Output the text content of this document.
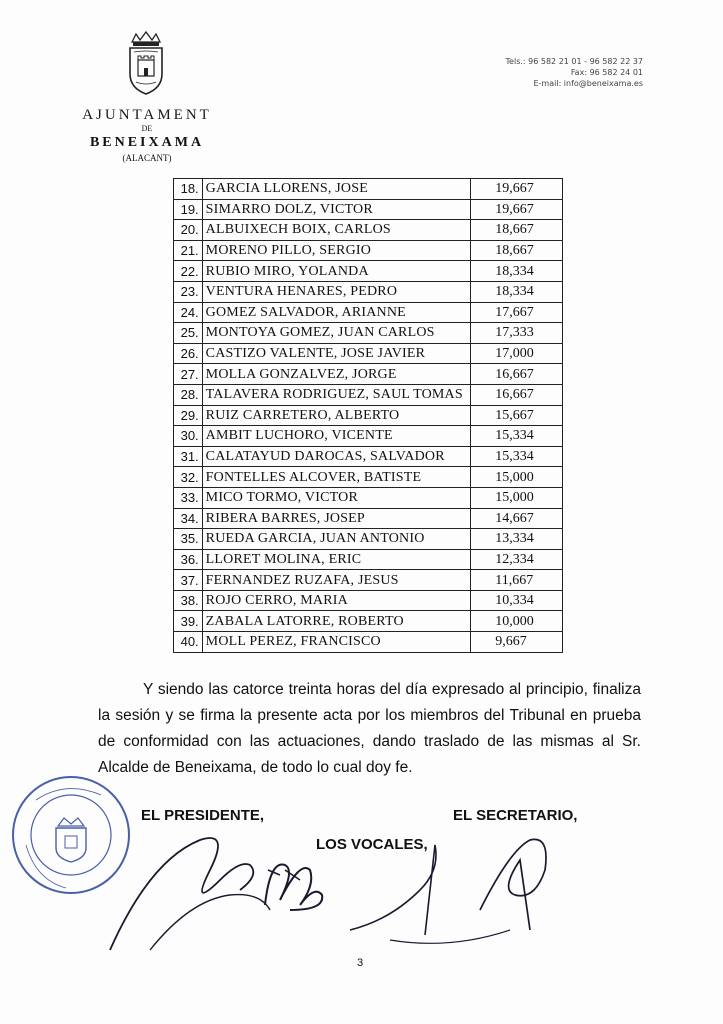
AJUNTAMENT
DE
BENEIXAMA
(ALACANT)
Tels.: 96 582 21 01 - 96 582 22 37
Fax: 96 582 24 01
E-mail: info@beneixama.es
18.	GARCIA LLORENS, JOSE	19,667
19.	SIMARRO DOLZ, VICTOR	19,667
20.	ALBUIXECH BOIX, CARLOS	18,667
21.	MORENO PILLO, SERGIO	18,667
22.	RUBIO MIRO, YOLANDA	18,334
23.	VENTURA HENARES, PEDRO	18,334
24.	GOMEZ SALVADOR, ARIANNE	17,667
25.	MONTOYA GOMEZ, JUAN CARLOS	17,333
26.	CASTIZO VALENTE, JOSE JAVIER	17,000
27.	MOLLA GONZALVEZ, JORGE	16,667
28.	TALAVERA RODRIGUEZ, SAUL TOMAS	16,667
29.	RUIZ CARRETERO, ALBERTO	15,667
30.	AMBIT LUCHORO, VICENTE	15,334
31.	CALATAYUD DAROCAS, SALVADOR	15,334
32.	FONTELLES ALCOVER, BATISTE	15,000
33.	MICO TORMO, VICTOR	15,000
34.	RIBERA BARRES, JOSEP	14,667
35.	RUEDA GARCIA, JUAN ANTONIO	13,334
36.	LLORET MOLINA, ERIC	12,334
37.	FERNANDEZ RUZAFA, JESUS	11,667
38.	ROJO CERRO, MARIA	10,334
39.	ZABALA LATORRE, ROBERTO	10,000
40.	MOLL PEREZ, FRANCISCO	9,667
Y siendo las catorce treinta horas del día expresado al principio, finaliza la sesión y se firma la presente acta por los miembros del Tribunal en prueba de conformidad con las actuaciones, dando traslado de las mismas al Sr. Alcalde de Beneixama, de todo lo cual doy fe.
EL PRESIDENTE,	EL SECRETARIO,
LOS VOCALES,
3
